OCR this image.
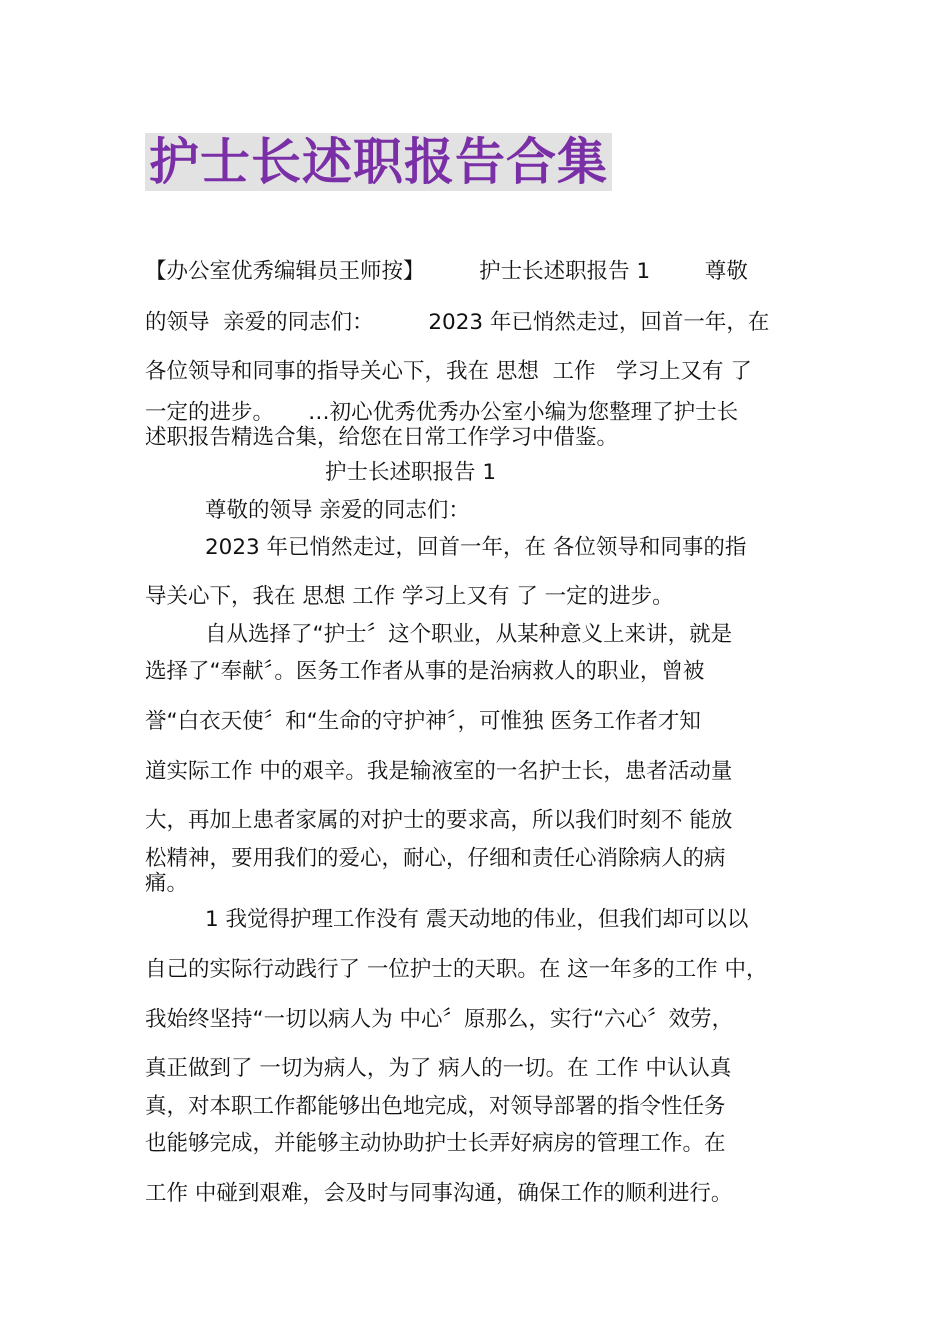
护士长述职报告合集
【办公室优秀编辑员王师按】        护士长述职报告 1        尊敬
的领导  亲爱的同志们：        2023 年已悄然走过，回首一年，在
各位领导和同事的指导关心下，我在 思想  工作   学习上又有 了
一定的进步。     …初心优秀优秀办公室小编为您整理了护士长
述职报告精选合集，给您在日常工作学习中借鉴。
护士长述职报告 1
尊敬的领导 亲爱的同志们：
2023 年已悄然走过，回首一年，在 各位领导和同事的指
导关心下，我在 思想 工作 学习上又有 了 一定的进步。
自从选择了“护士〞这个职业，从某种意义上来讲，就是
选择了“奉献〞。医务工作者从事的是治病救人的职业，曾被
誉“白衣天使〞和“生命的守护神〞，可惟独 医务工作者才知
道实际工作 中的艰辛。我是输液室的一名护士长，患者活动量
大，再加上患者家属的对护士的要求高，所以我们时刻不 能放
松精神，要用我们的爱心，耐心，仔细和责任心消除病人的病
痛。
1 我觉得护理工作没有 震天动地的伟业，但我们却可以以
自己的实际行动践行了 一位护士的天职。在 这一年多的工作 中，
我始终坚持“一切以病人为 中心〞原那么，实行“六心〞效劳，
真正做到了 一切为病人，为了 病人的一切。在 工作 中认认真
真，对本职工作都能够出色地完成，对领导部署的指令性任务
也能够完成，并能够主动协助护士长弄好病房的管理工作。在
工作 中碰到艰难，会及时与同事沟通，确保工作的顺利进行。
